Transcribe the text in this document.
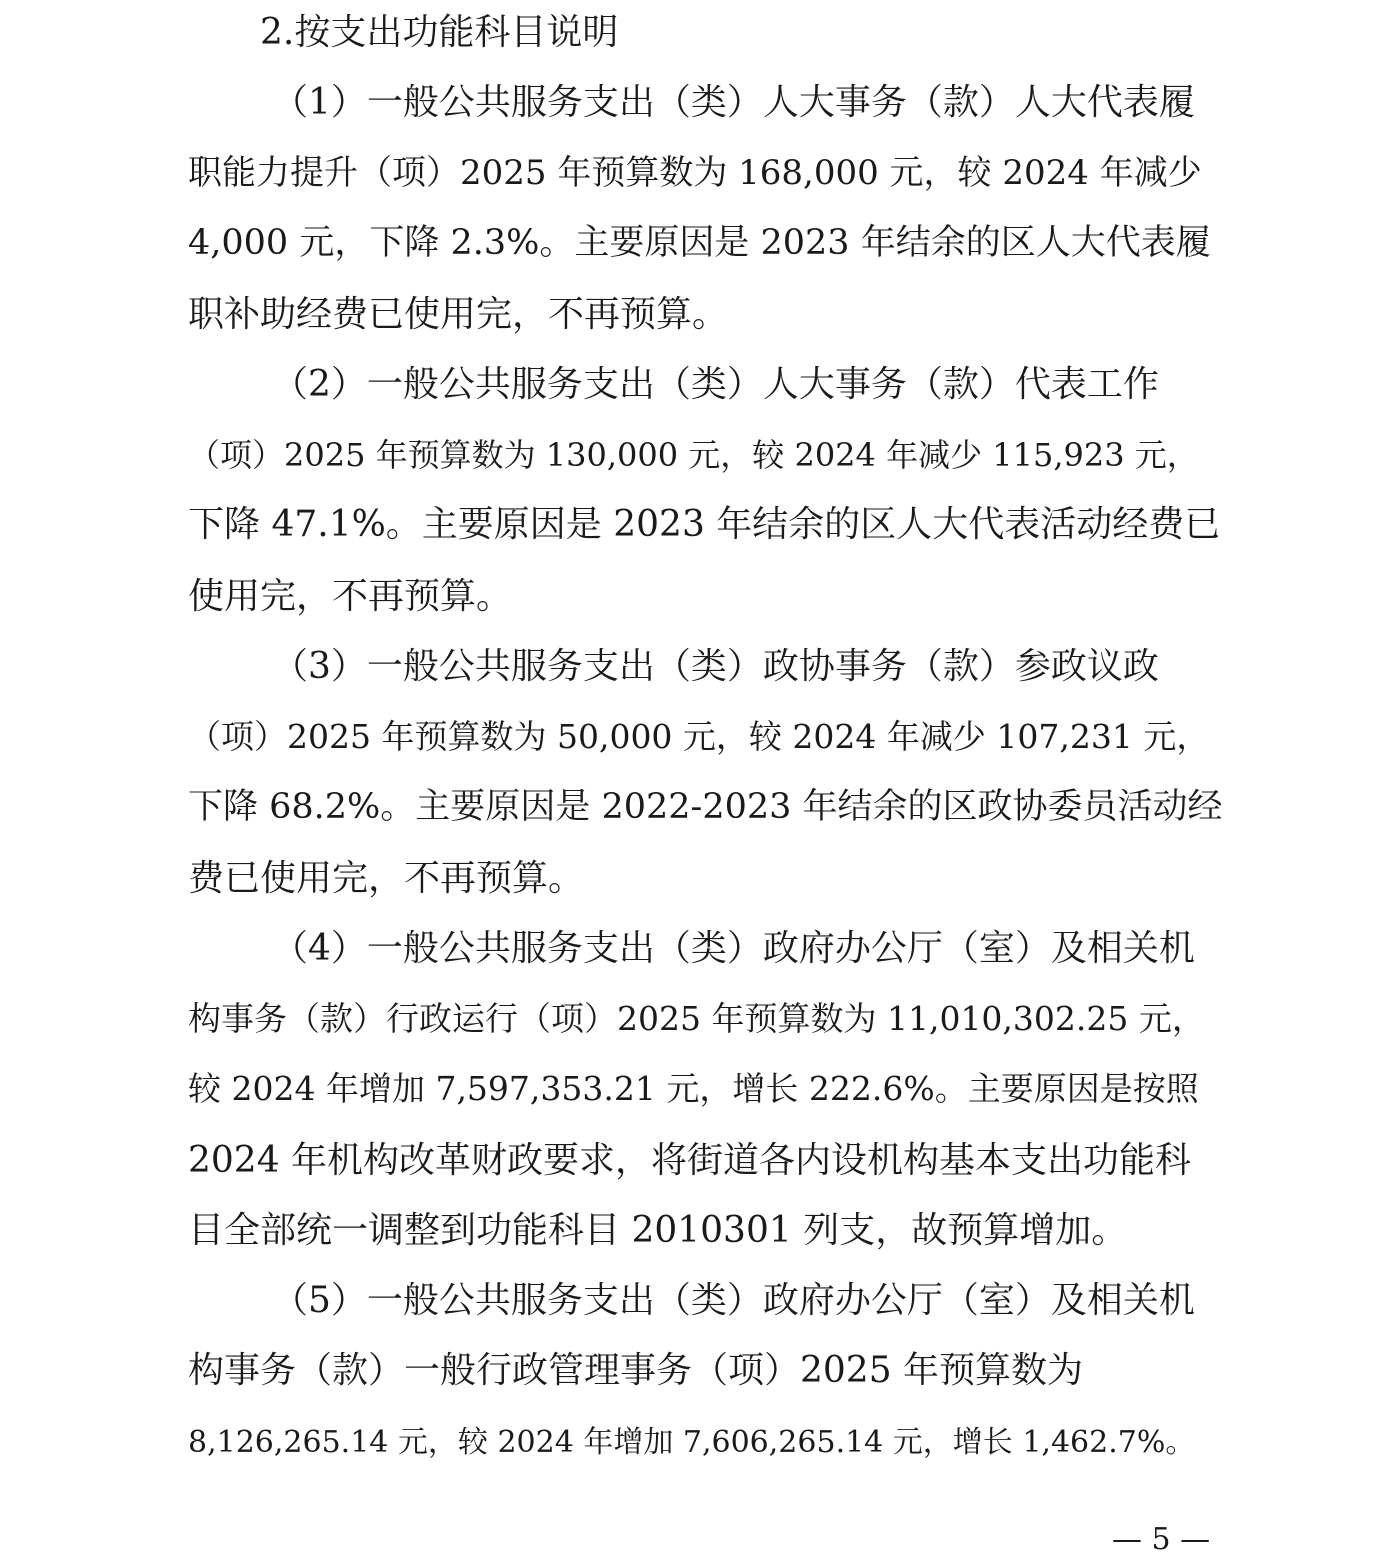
2.按支出功能科目说明
（1）一般公共服务支出（类）人大事务（款）人大代表履
职能力提升（项）2025 年预算数为 168,000 元，较 2024 年减少
4,000 元，下降 2.3%。主要原因是 2023 年结余的区人大代表履
职补助经费已使用完，不再预算。
（2）一般公共服务支出（类）人大事务（款）代表工作
（项）2025 年预算数为 130,000 元，较 2024 年减少 115,923 元，
下降 47.1%。主要原因是 2023 年结余的区人大代表活动经费已
使用完，不再预算。
（3）一般公共服务支出（类）政协事务（款）参政议政
（项）2025 年预算数为 50,000 元，较 2024 年减少 107,231 元，
下降 68.2%。主要原因是 2022-2023 年结余的区政协委员活动经
费已使用完，不再预算。
（4）一般公共服务支出（类）政府办公厅（室）及相关机
构事务（款）行政运行（项）2025 年预算数为 11,010,302.25 元，
较 2024 年增加 7,597,353.21 元，增长 222.6%。主要原因是按照
2024 年机构改革财政要求，将街道各内设机构基本支出功能科
目全部统一调整到功能科目 2010301 列支，故预算增加。
（5）一般公共服务支出（类）政府办公厅（室）及相关机
构事务（款）一般行政管理事务（项）2025 年预算数为
8,126,265.14 元，较 2024 年增加 7,606,265.14 元，增长 1,462.7%。
— 5 —
